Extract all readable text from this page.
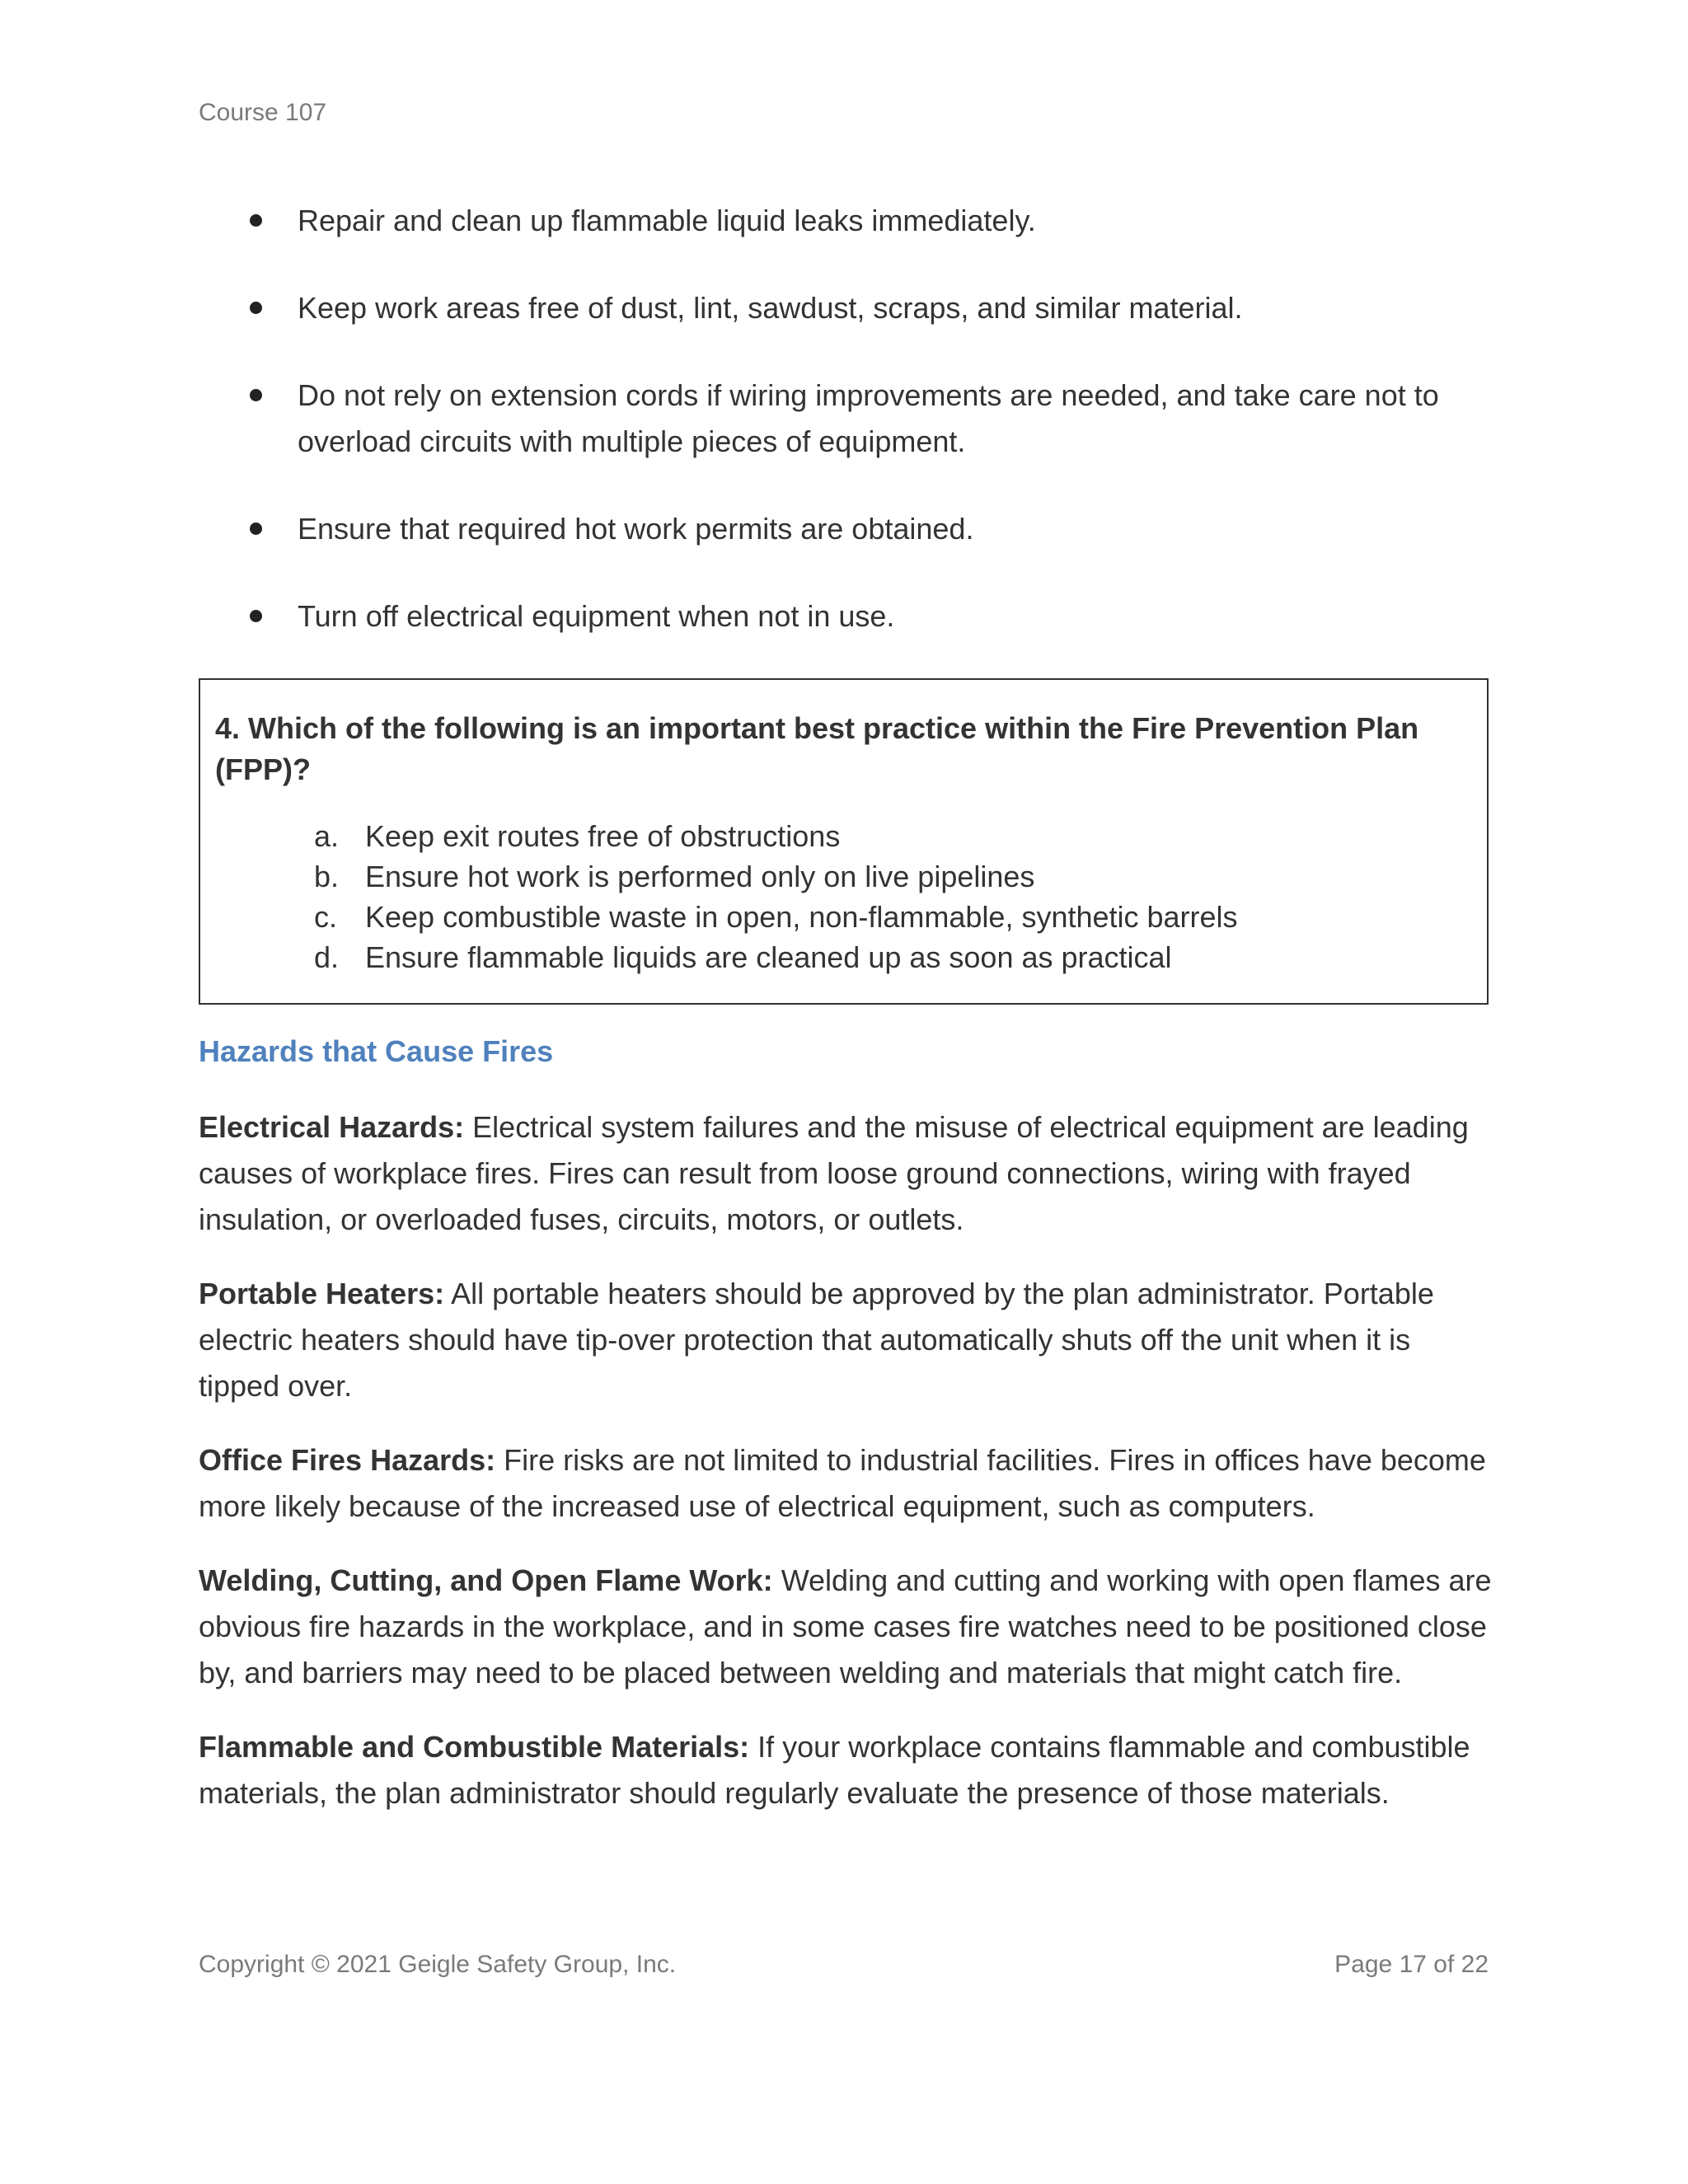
Course 107
Repair and clean up flammable liquid leaks immediately.
Keep work areas free of dust, lint, sawdust, scraps, and similar material.
Do not rely on extension cords if wiring improvements are needed, and take care not to overload circuits with multiple pieces of equipment.
Ensure that required hot work permits are obtained.
Turn off electrical equipment when not in use.
4. Which of the following is an important best practice within the Fire Prevention Plan (FPP)?
a. Keep exit routes free of obstructions
b. Ensure hot work is performed only on live pipelines
c. Keep combustible waste in open, non-flammable, synthetic barrels
d. Ensure flammable liquids are cleaned up as soon as practical
Hazards that Cause Fires

Electrical Hazards: Electrical system failures and the misuse of electrical equipment are leading causes of workplace fires. Fires can result from loose ground connections, wiring with frayed insulation, or overloaded fuses, circuits, motors, or outlets.

Portable Heaters: All portable heaters should be approved by the plan administrator. Portable electric heaters should have tip-over protection that automatically shuts off the unit when it is tipped over.

Office Fires Hazards: Fire risks are not limited to industrial facilities. Fires in offices have become more likely because of the increased use of electrical equipment, such as computers.

Welding, Cutting, and Open Flame Work: Welding and cutting and working with open flames are obvious fire hazards in the workplace, and in some cases fire watches need to be positioned close by, and barriers may need to be placed between welding and materials that might catch fire.

Flammable and Combustible Materials: If your workplace contains flammable and combustible materials, the plan administrator should regularly evaluate the presence of those materials.

Copyright © 2021 Geigle Safety Group, Inc.	Page 17 of 22
